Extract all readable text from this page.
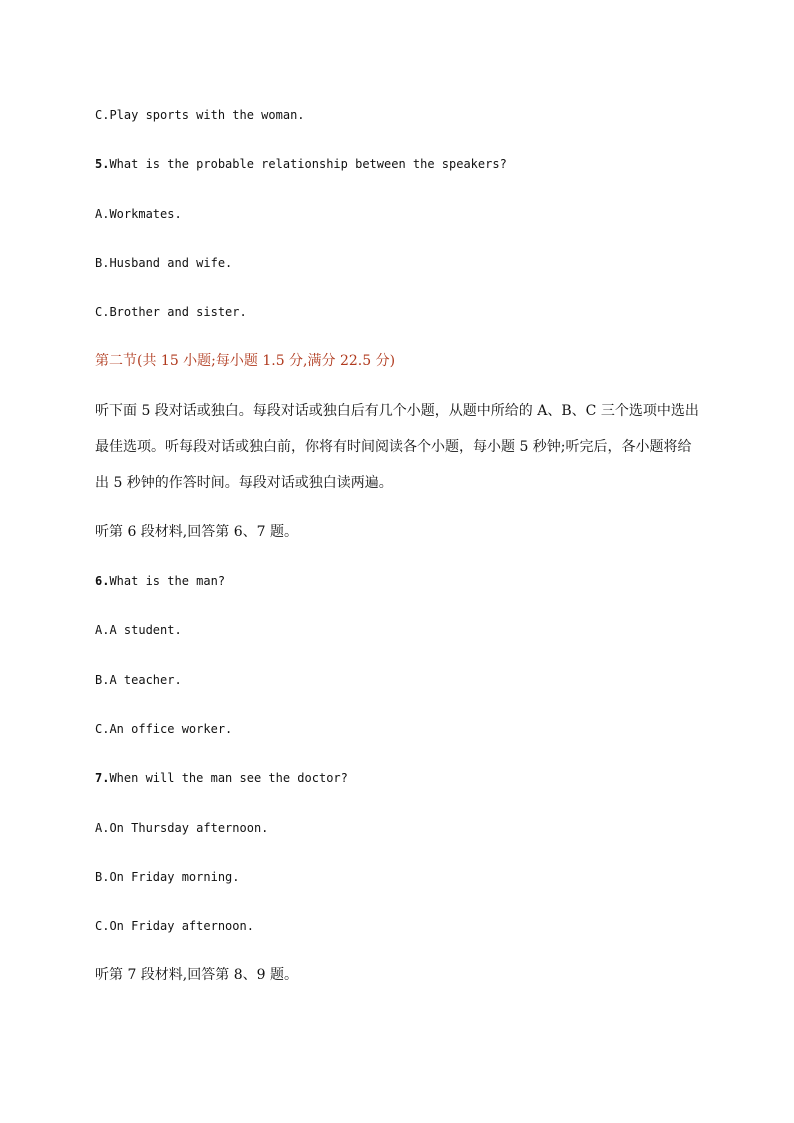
C.Play sports with the woman.
5.What is the probable relationship between the speakers?
A.Workmates.
B.Husband and wife.
C.Brother and sister.
第二节(共 15 小题;每小题 1.5 分,满分 22.5 分)
听下面 5 段对话或独白。每段对话或独白后有几个小题，从题中所给的 A、B、C 三个选项中选出
最佳选项。听每段对话或独白前，你将有时间阅读各个小题，每小题 5 秒钟;听完后，各小题将给
出 5 秒钟的作答时间。每段对话或独白读两遍。
听第 6 段材料,回答第 6、7 题。
6.What is the man?
A.A student.
B.A teacher.
C.An office worker.
7.When will the man see the doctor?
A.On Thursday afternoon.
B.On Friday morning.
C.On Friday afternoon.
听第 7 段材料,回答第 8、9 题。
